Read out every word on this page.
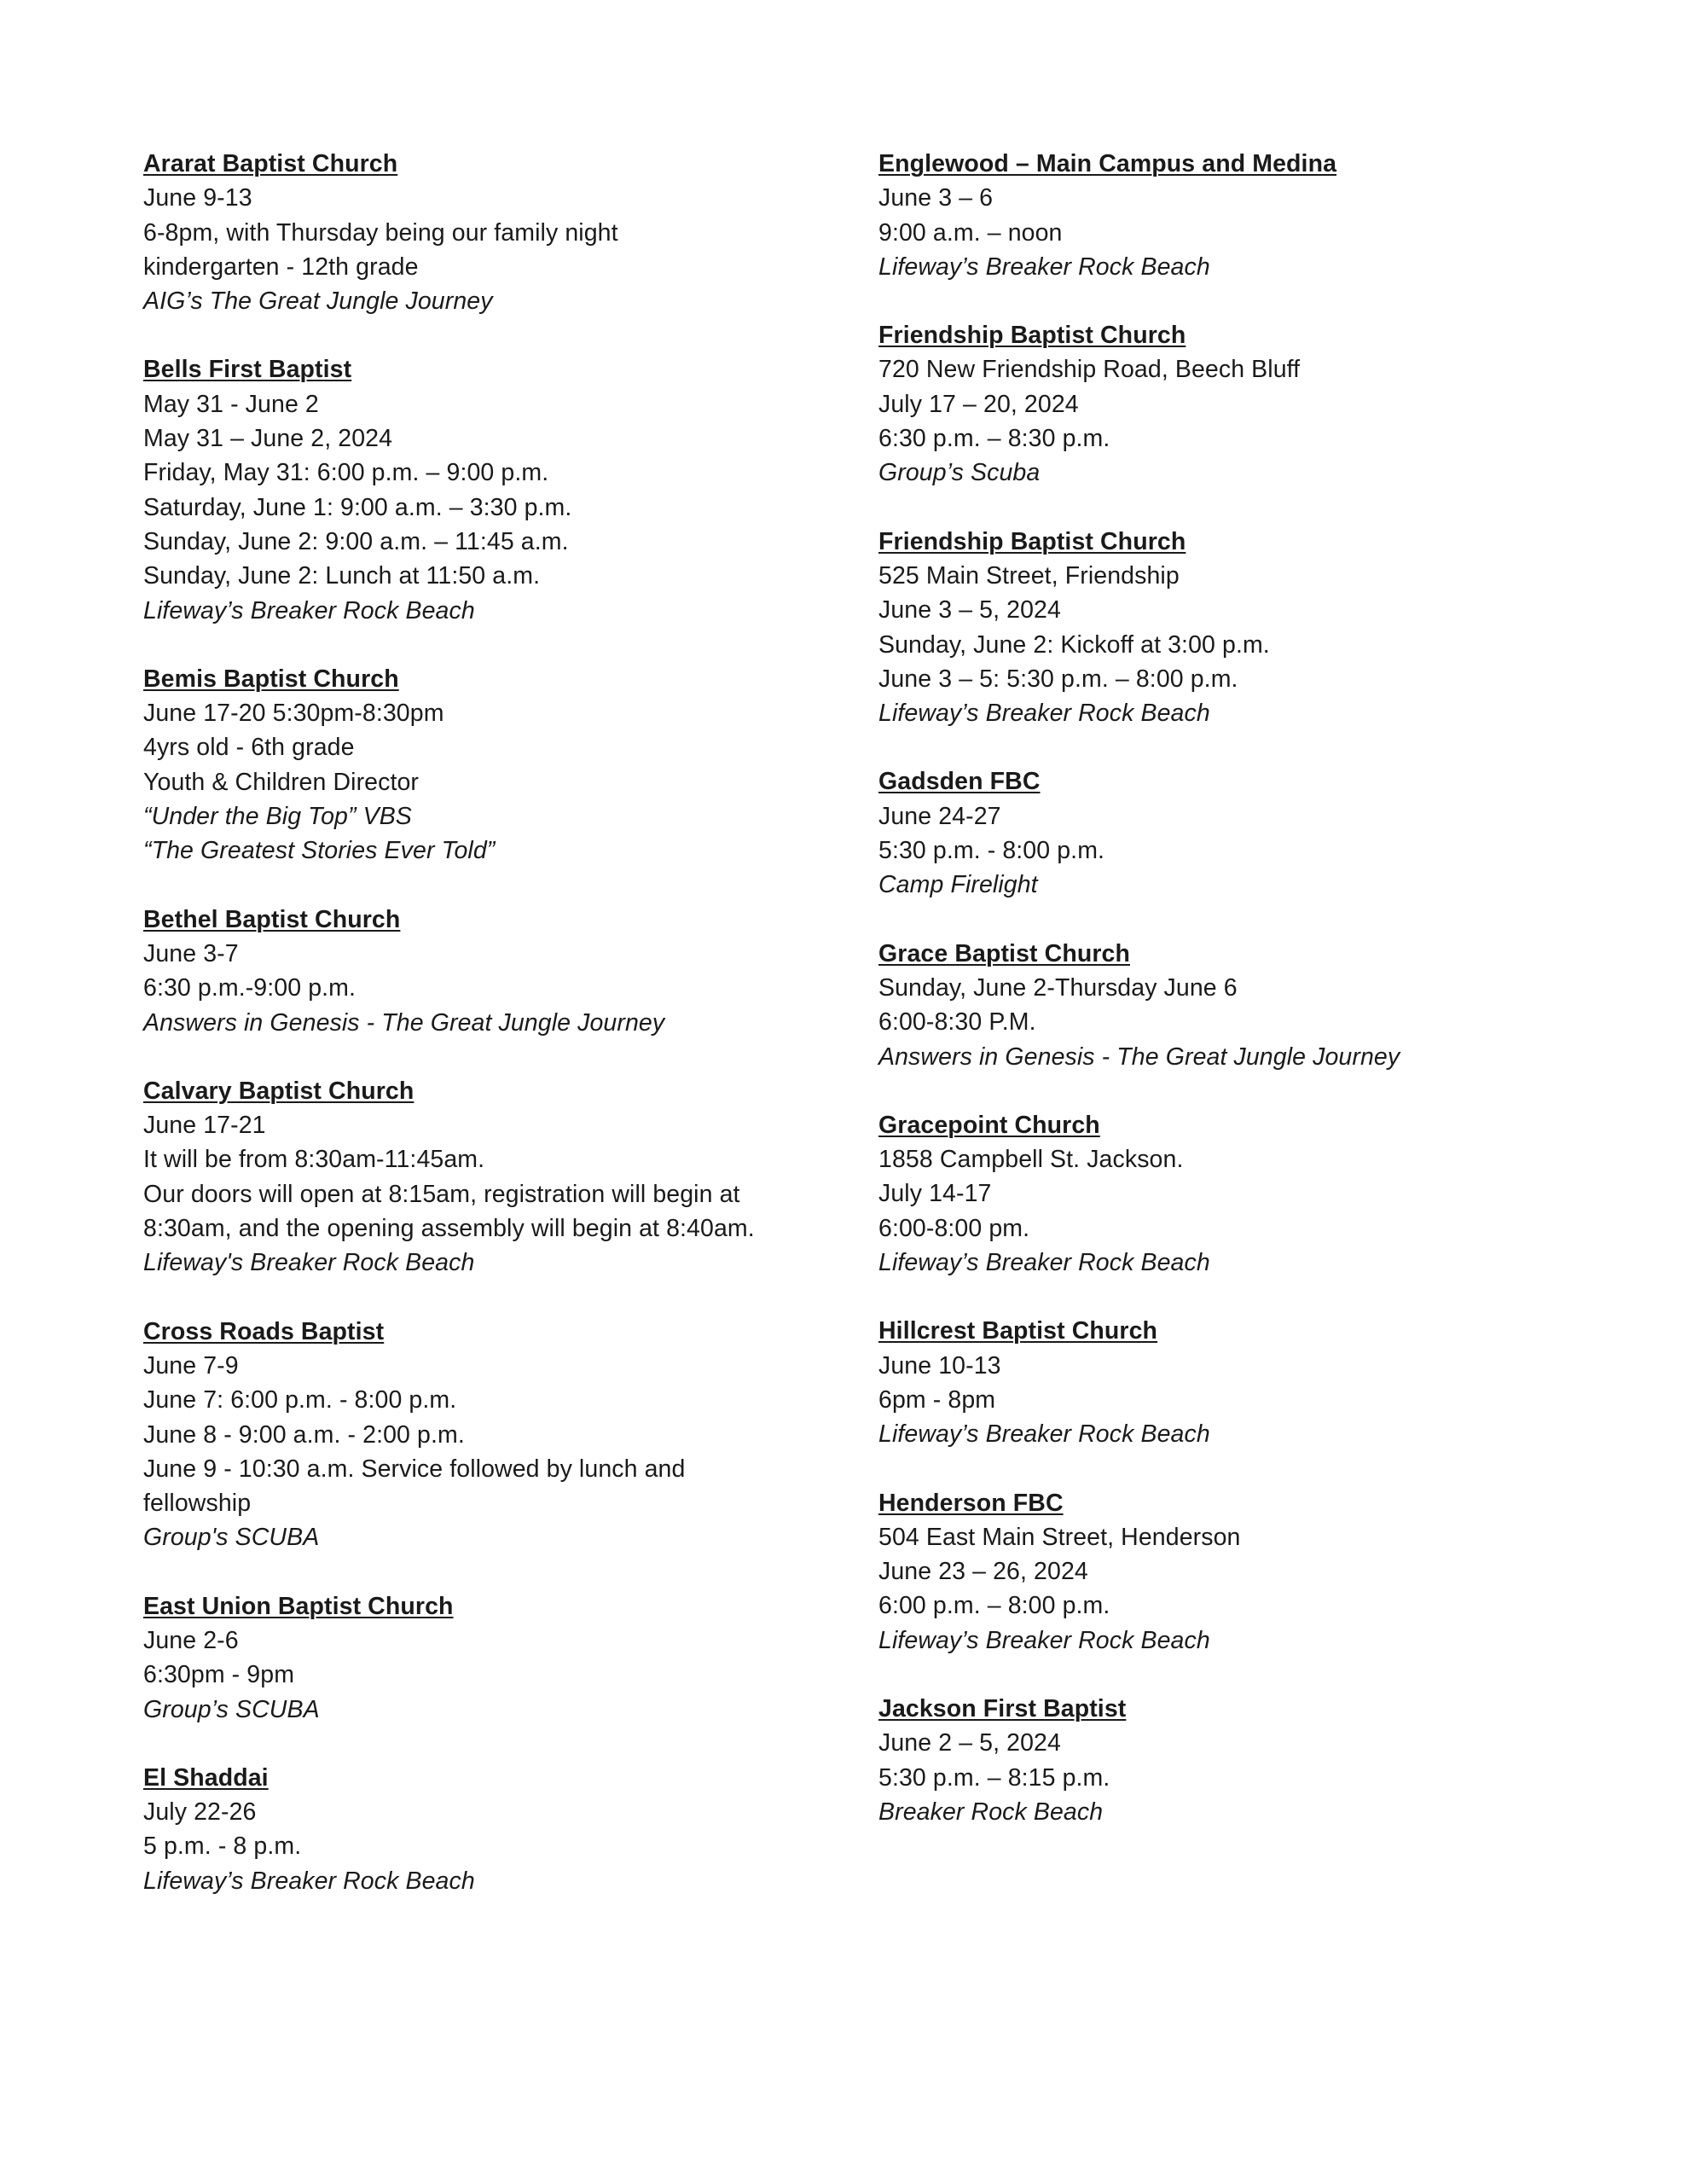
Ararat Baptist Church
June 9-13
6-8pm, with Thursday being our family night
kindergarten - 12th grade
AIG’s The Great Jungle Journey
Bells First Baptist
May 31 - June 2
May 31 – June 2, 2024
Friday, May 31: 6:00 p.m. – 9:00 p.m.
Saturday, June 1: 9:00 a.m. – 3:30 p.m.
Sunday, June 2: 9:00 a.m. – 11:45 a.m.
Sunday, June 2: Lunch at 11:50 a.m.
Lifeway’s Breaker Rock Beach
Bemis Baptist Church
June 17-20 5:30pm-8:30pm
4yrs old - 6th grade
Youth & Children Director
“Under the Big Top” VBS
“The Greatest Stories Ever Told”
Bethel Baptist Church
June 3-7
6:30 p.m.-9:00 p.m.
Answers in Genesis - The Great Jungle Journey
Calvary Baptist Church
June 17-21
It will be from 8:30am-11:45am.
Our doors will open at 8:15am, registration will begin at
8:30am, and the opening assembly will begin at 8:40am.
Lifeway's Breaker Rock Beach
Cross Roads Baptist
June 7-9
June 7: 6:00 p.m. - 8:00 p.m.
June 8 - 9:00 a.m. - 2:00 p.m.
June 9 - 10:30 a.m. Service followed by lunch and
fellowship
Group's SCUBA
East Union Baptist Church
June 2-6
6:30pm - 9pm
Group’s SCUBA
El Shaddai
July 22-26
5 p.m. - 8 p.m.
Lifeway’s Breaker Rock Beach
Englewood – Main Campus and Medina
June 3 – 6
9:00 a.m. – noon
Lifeway’s Breaker Rock Beach
Friendship Baptist Church
720 New Friendship Road, Beech Bluff
July 17 – 20, 2024
6:30 p.m. – 8:30 p.m.
Group’s Scuba
Friendship Baptist Church
525 Main Street, Friendship
June 3 – 5, 2024
Sunday, June 2: Kickoff at 3:00 p.m.
June 3 – 5: 5:30 p.m. – 8:00 p.m.
Lifeway’s Breaker Rock Beach
Gadsden FBC
June 24-27
5:30 p.m. - 8:00 p.m.
Camp Firelight
Grace Baptist Church
Sunday, June 2-Thursday June 6
6:00-8:30 P.M.
Answers in Genesis - The Great Jungle Journey
Gracepoint Church
1858 Campbell St. Jackson.
July 14-17
6:00-8:00 pm.
Lifeway’s Breaker Rock Beach
Hillcrest Baptist Church
June 10-13
6pm - 8pm
Lifeway’s Breaker Rock Beach
Henderson FBC
504 East Main Street, Henderson
June 23 – 26, 2024
6:00 p.m. – 8:00 p.m.
Lifeway’s Breaker Rock Beach
Jackson First Baptist
June 2 – 5, 2024
5:30 p.m. – 8:15 p.m.
Breaker Rock Beach
